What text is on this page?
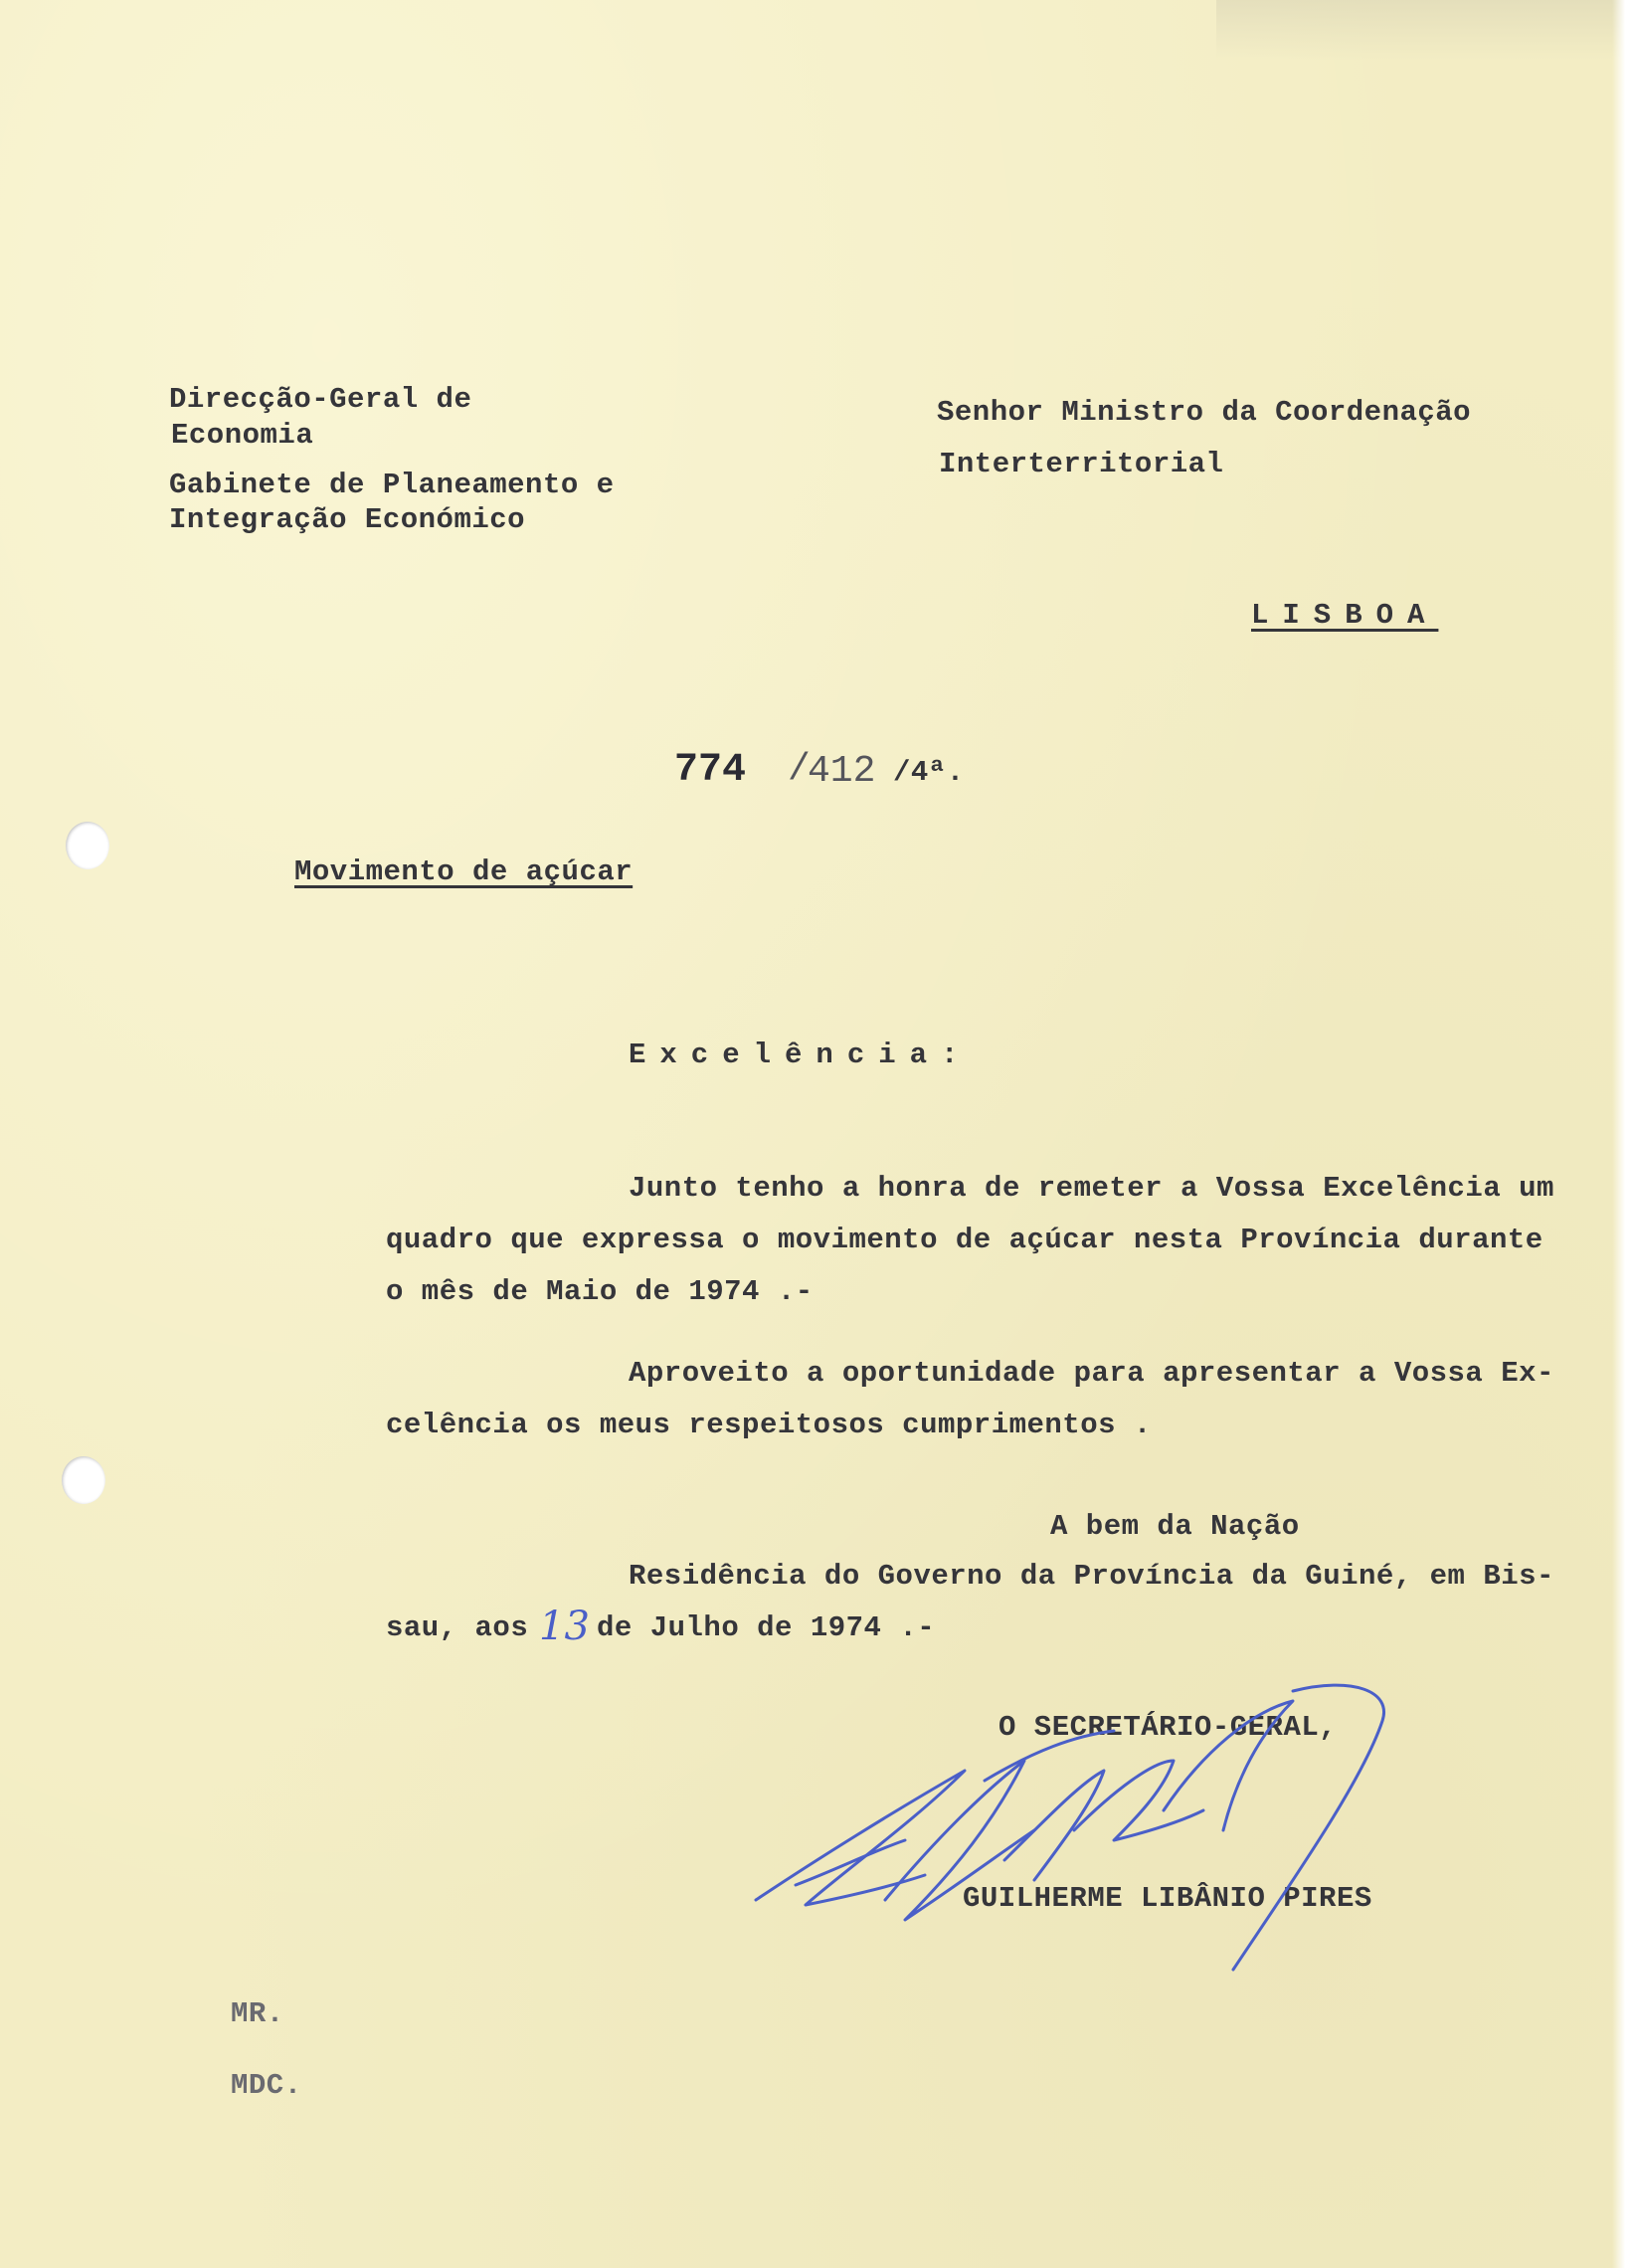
Direcção-Geral de
Economia
Gabinete de Planeamento e
Integração Económico
Senhor Ministro da Coordenação
Interterritorial
LISBOA
774 /
412 /4ª.
Movimento de açúcar
Excelência:
Junto tenho a honra de remeter a Vossa Excelência um
quadro que expressa o movimento de açúcar nesta Província durante
o mês de Maio de 1974 .-
Aproveito a oportunidade para apresentar a Vossa Ex-
celência os meus respeitosos cumprimentos .
A bem da Nação
Residência do Governo da Província da Guiné, em Bis-
sau, aos 13 de Julho de 1974 .-
O SECRETÁRIO-GERAL,
GUILHERME LIBÂNIO PIRES
MR.
MDC.
